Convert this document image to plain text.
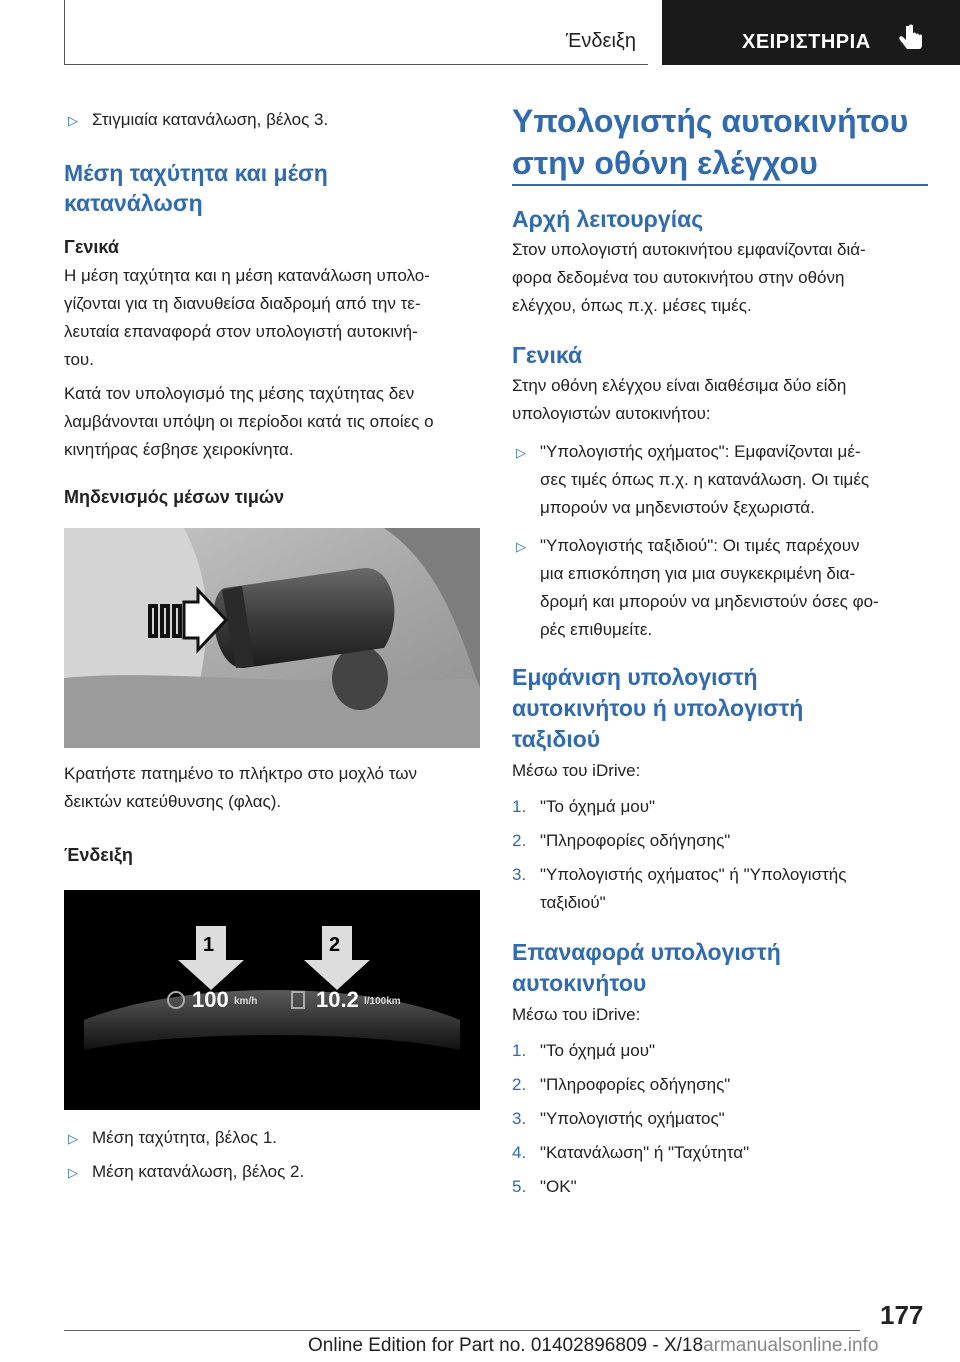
Ένδειξη	ΧΕΙΡΙΣΤΗΡΙΑ
▷ Στιγμιαία κατανάλωση, βέλος 3.
Μέση ταχύτητα και μέση
κατανάλωση
Γενικά
Η μέση ταχύτητα και η μέση κατανάλωση υπολο‐
γίζονται για τη διανυθείσα διαδρομή από την τε‐
λευταία επαναφορά στον υπολογιστή αυτοκινή‐
του.
Κατά τον υπολογισμό της μέσης ταχύτητας δεν
λαμβάνονται υπόψη οι περίοδοι κατά τις οποίες ο
κινητήρας έσβησε χειροκίνητα.
Μηδενισμός μέσων τιμών
Κρατήστε πατημένο το πλήκτρο στο μοχλό των
δεικτών κατεύθυνσης (φλας).
Ένδειξη
1	2
100 km/h	10.2 l/100km
▷ Μέση ταχύτητα, βέλος 1.
▷ Μέση κατανάλωση, βέλος 2.
Υπολογιστής αυτοκινήτου
στην οθόνη ελέγχου
Αρχή λειτουργίας
Στον υπολογιστή αυτοκινήτου εμφανίζονται διά‐
φορα δεδομένα του αυτοκινήτου στην οθόνη
ελέγχου, όπως π.χ. μέσες τιμές.
Γενικά
Στην οθόνη ελέγχου είναι διαθέσιμα δύο είδη
υπολογιστών αυτοκινήτου:
▷ "Υπολογιστής οχήματος": Εμφανίζονται μέ‐
σες τιμές όπως π.χ. η κατανάλωση. Οι τιμές
μπορούν να μηδενιστούν ξεχωριστά.
▷ "Υπολογιστής ταξιδιού": Οι τιμές παρέχουν
μια επισκόπηση για μια συγκεκριμένη δια‐
δρομή και μπορούν να μηδενιστούν όσες φο‐
ρές επιθυμείτε.
Εμφάνιση υπολογιστή
αυτοκινήτου ή υπολογιστή
ταξιδιού
Μέσω του iDrive:
1. "Το όχημά μου"
2. "Πληροφορίες οδήγησης"
3. "Υπολογιστής οχήματος" ή "Υπολογιστής
ταξιδιού"
Επαναφορά υπολογιστή
αυτοκινήτου
Μέσω του iDrive:
1. "Το όχημά μου"
2. "Πληροφορίες οδήγησης"
3. "Υπολογιστής οχήματος"
4. "Κατανάλωση" ή "Ταχύτητα"
5. "OK"
177
Online Edition for Part no. 01402896809 - X/18armanualsonline.info
